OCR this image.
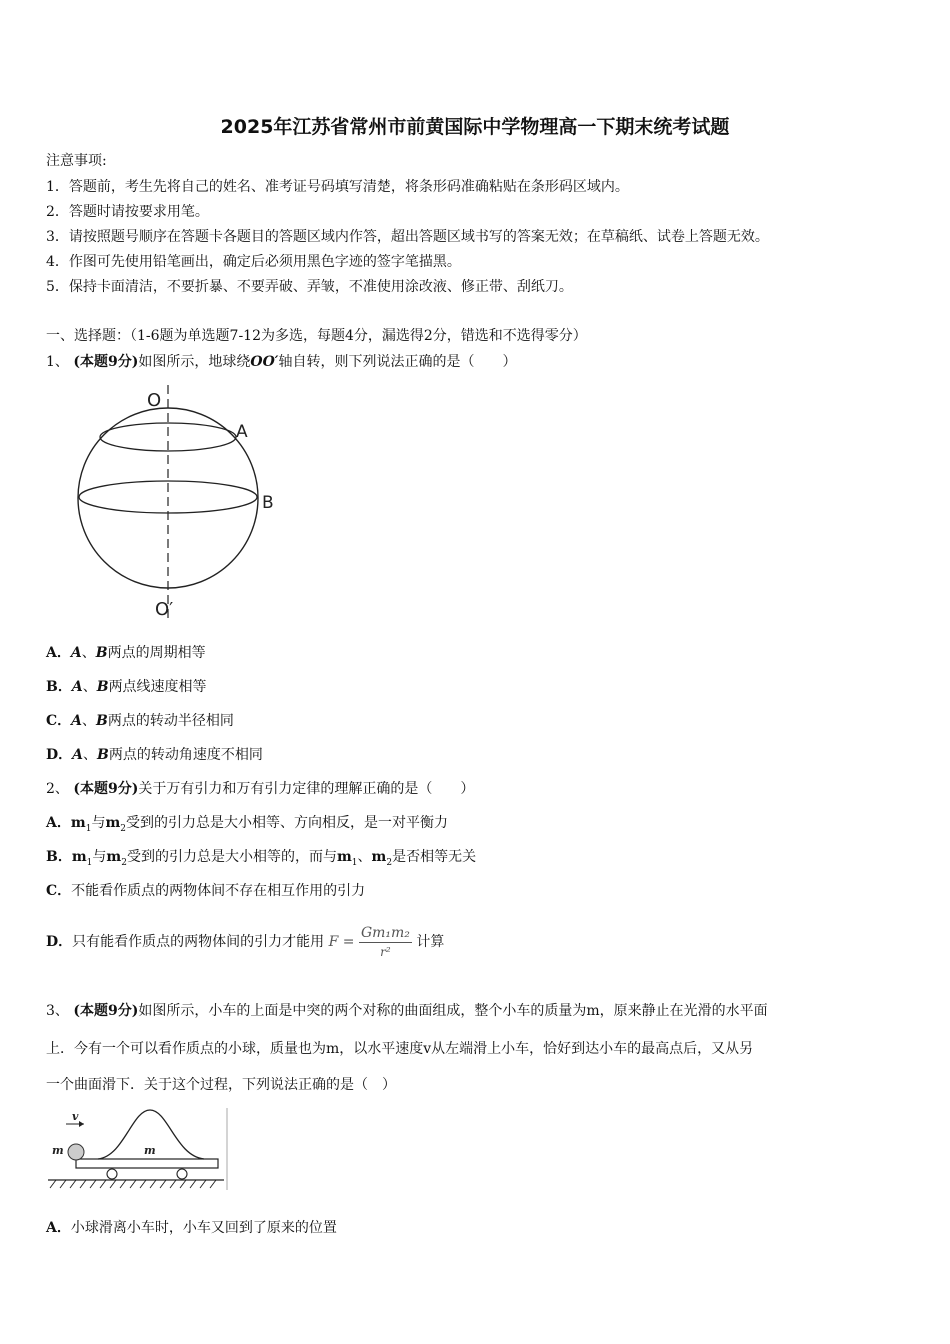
2025年江苏省常州市前黄国际中学物理高一下期末统考试题
注意事项:
1．答题前，考生先将自己的姓名、准考证号码填写清楚，将条形码准确粘贴在条形码区域内。
2．答题时请按要求用笔。
3．请按照题号顺序在答题卡各题目的答题区域内作答，超出答题区域书写的答案无效；在草稿纸、试卷上答题无效。
4．作图可先使用铅笔画出，确定后必须用黑色字迹的签字笔描黑。
5．保持卡面清洁，不要折暴、不要弄破、弄皱，不准使用涂改液、修正带、刮纸刀。
一、选择题：（1-6题为单选题7-12为多选，每题4分，漏选得2分，错选和不选得零分）
1、 (本题9分)如图所示，地球绕OO′轴自转，则下列说法正确的是（　　）
O
O′
A
B
A．A、B两点的周期相等
B．A、B两点线速度相等
C．A、B两点的转动半径相同
D．A、B两点的转动角速度不相同
2、 (本题9分)关于万有引力和万有引力定律的理解正确的是（　　）
A．$m_1$与$m_2$受到的引力总是大小相等、方向相反，是一对平衡力
B．$m_1$与$m_2$受到的引力总是大小相等的，而与$m_1$、$m_2$是否相等无关
C．不能看作质点的两物体间不存在相互作用的引力
D．只有能看作质点的两物体间的引力才能用 $F = \frac{\text{Gm₁m₂}}{\text{r²}}$ 计算
3、 (本题9分)如图所示，小车的上面是中突的两个对称的曲面组成，整个小车的质量为m，原来静止在光滑的水平面
上．今有一个可以看作质点的小球，质量也为m，以水平速度v从左端滑上小车，恰好到达小车的最高点后，又从另
一个曲面滑下．关于这个过程，下列说法正确的是（　）
v
m	m
A．小球滑离小车时，小车又回到了原来的位置
